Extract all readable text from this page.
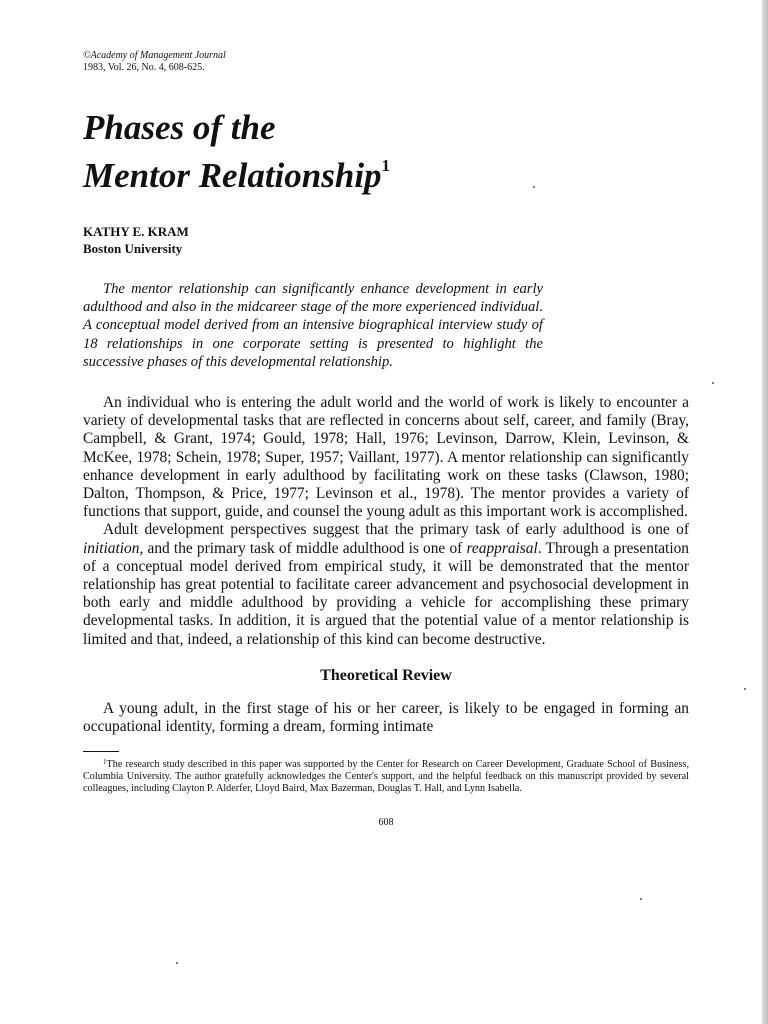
©Academy of Management Journal
1983, Vol. 26, No. 4, 608-625.
Phases of the
Mentor Relationship$^1$
KATHY E. KRAM
Boston University
The mentor relationship can significantly enhance development in early adulthood and also in the midcareer stage of the more experienced individual. A conceptual model derived from an intensive biographical interview study of 18 relationships in one corporate setting is presented to highlight the successive phases of this developmental relationship.

An individual who is entering the adult world and the world of work is likely to encounter a variety of developmental tasks that are reflected in concerns about self, career, and family (Bray, Campbell, & Grant, 1974; Gould, 1978; Hall, 1976; Levinson, Darrow, Klein, Levinson, & McKee, 1978; Schein, 1978; Super, 1957; Vaillant, 1977). A mentor relationship can significantly enhance development in early adulthood by facilitating work on these tasks (Clawson, 1980; Dalton, Thompson, & Price, 1977; Levinson et al., 1978). The mentor provides a variety of functions that support, guide, and counsel the young adult as this important work is accomplished.

Adult development perspectives suggest that the primary task of early adulthood is one of initiation, and the primary task of middle adulthood is one of reappraisal. Through a presentation of a conceptual model derived from empirical study, it will be demonstrated that the mentor relationship has great potential to facilitate career advancement and psychosocial development in both early and middle adulthood by providing a vehicle for accomplishing these primary developmental tasks. In addition, it is argued that the potential value of a mentor relationship is limited and that, indeed, a relationship of this kind can become destructive.

Theoretical Review

A young adult, in the first stage of his or her career, is likely to be engaged in forming an occupational identity, forming a dream, forming intimate

$^1$The research study described in this paper was supported by the Center for Research on Career Development, Graduate School of Business, Columbia University. The author gratefully acknowledges the Center's support, and the helpful feedback on this manuscript provided by several colleagues, including Clayton P. Alderfer, Lloyd Baird, Max Bazerman, Douglas T. Hall, and Lynn Isabella.
608
